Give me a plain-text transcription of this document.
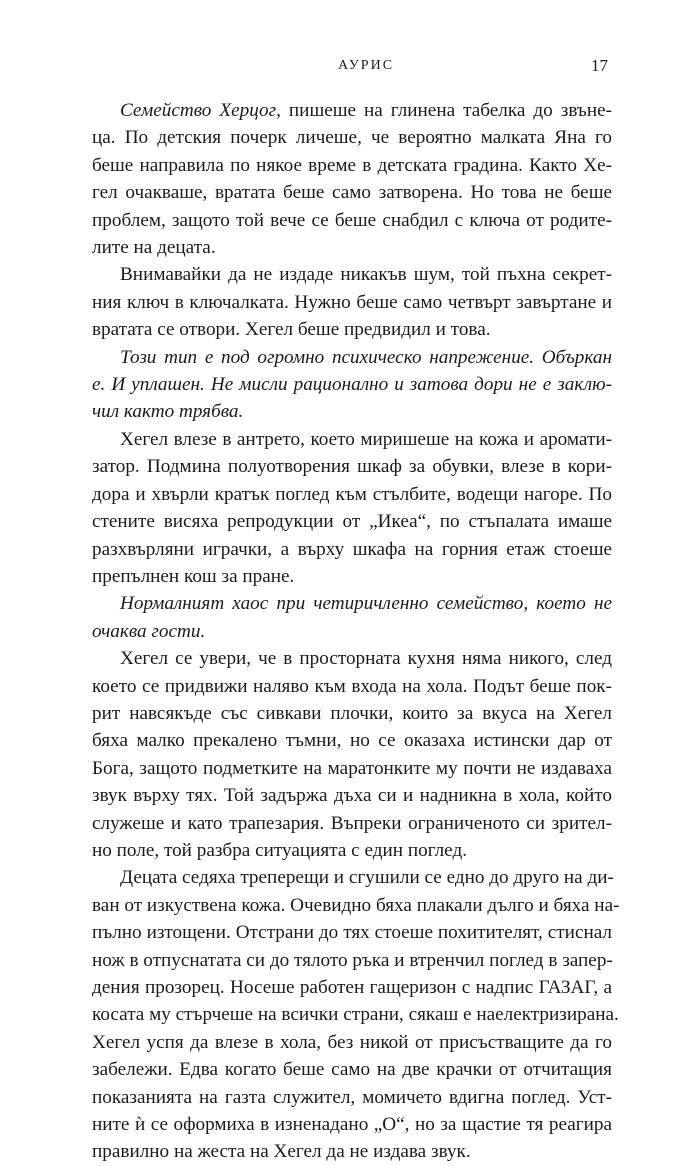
АУРИС	17

Семейство Херцог, пишеше на глинена табелка до звъне-
ца. По детския почерк личеше, че вероятно малката Яна го
беше направила по някое време в детската градина. Както Хе-
гел очакваше, вратата беше само затворена. Но това не беше
проблем, защото той вече се беше снабдил с ключа от родите-
лите на децата.

Внимавайки да не издаде никакъв шум, той пъхна секрет-
ния ключ в ключалката. Нужно беше само четвърт завъртане и
вратата се отвори. Хегел беше предвидил и това.

Този тип е под огромно психическо напрежение. Объркан
е. И уплашен. Не мисли рационално и затова дори не е заклю-
чил както трябва.

Хегел влезе в антрето, което миришеше на кожа и аромати-
затор. Подмина полуотворения шкаф за обувки, влезе в кори-
дора и хвърли кратък поглед към стълбите, водещи нагоре. По
стените висяха репродукции от „Икеа“, по стъпалата имаше
разхвърляни играчки, а върху шкафа на горния етаж стоеше
препълнен кош за пране.

Нормалният хаос при четиричленно семейство, което не
очаква гости.

Хегел се увери, че в просторната кухня няма никого, след
което се придвижи наляво към входа на хола. Подът беше пок-
рит навсякъде със сивкави плочки, които за вкуса на Хегел
бяха малко прекалено тъмни, но се оказаха истински дар от
Бога, защото подметките на маратонките му почти не издаваха
звук върху тях. Той задържа дъха си и надникна в хола, който
служеше и като трапезария. Въпреки ограниченото си зрител-
но поле, той разбра ситуацията с един поглед.

Децата седяха треперещи и сгушили се едно до друго на ди-
ван от изкуствена кожа. Очевидно бяха плакали дълго и бяха на-
пълно изтощени. Отстрани до тях стоеше похитителят, стиснал
нож в отпуснатата си до тялото ръка и втренчил поглед в запер-
дения прозорец. Носеше работен гащеризон с надпис ГАЗАГ, а
косата му стърчеше на всички страни, сякаш е наелектризирана.
Хегел успя да влезе в хола, без никой от присъстващите да го
забележи. Едва когато беше само на две крачки от отчитащия
показанията на газта служител, момичето вдигна поглед. Уст-
ните ѝ се оформиха в изненадано „О“, но за щастие тя реагира
правилно на жеста на Хегел да не издава звук.
